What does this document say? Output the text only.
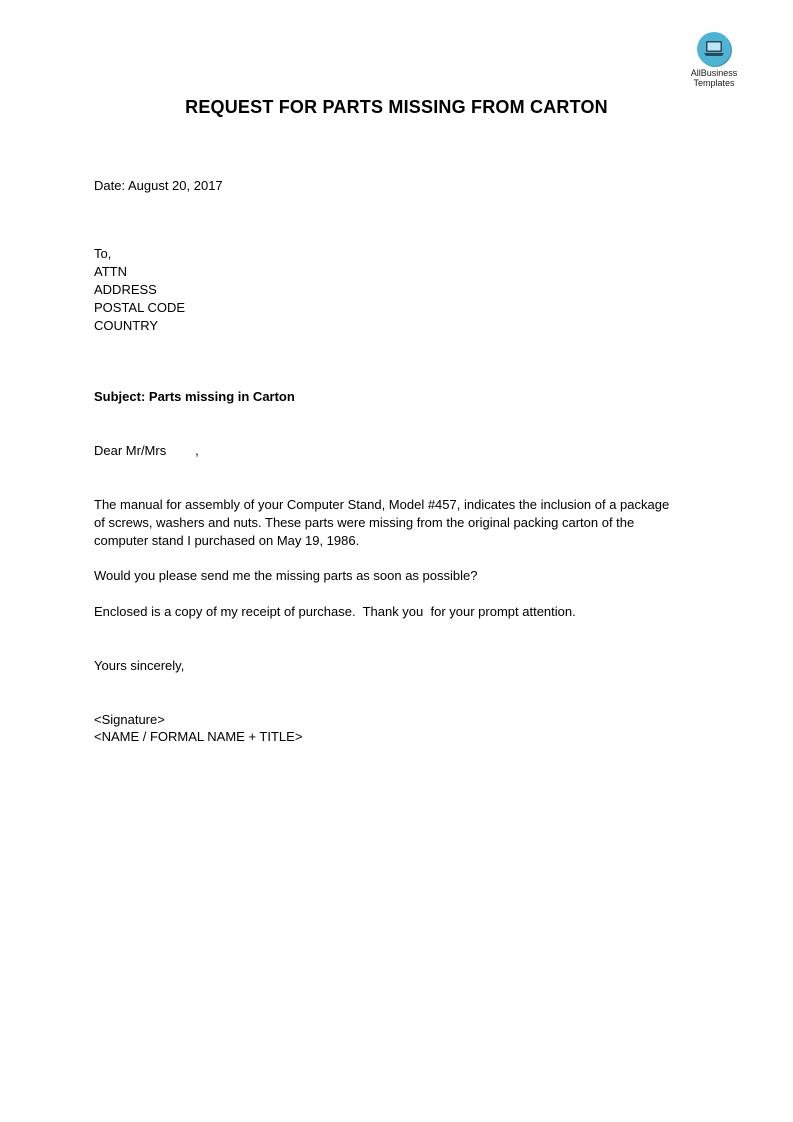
AllBusiness
Templates
REQUEST FOR PARTS MISSING FROM CARTON
Date: August 20, 2017
To,
ATTN
ADDRESS
POSTAL CODE
COUNTRY
Subject: Parts missing in Carton
Dear Mr/Mrs        ,
The manual for assembly of your Computer Stand, Model #457, indicates the inclusion of a package
of screws, washers and nuts. These parts were missing from the original packing carton of the
computer stand I purchased on May 19, 1986.
Would you please send me the missing parts as soon as possible?
Enclosed is a copy of my receipt of purchase.  Thank you  for your prompt attention.
Yours sincerely,
<Signature>
<NAME / FORMAL NAME + TITLE>
